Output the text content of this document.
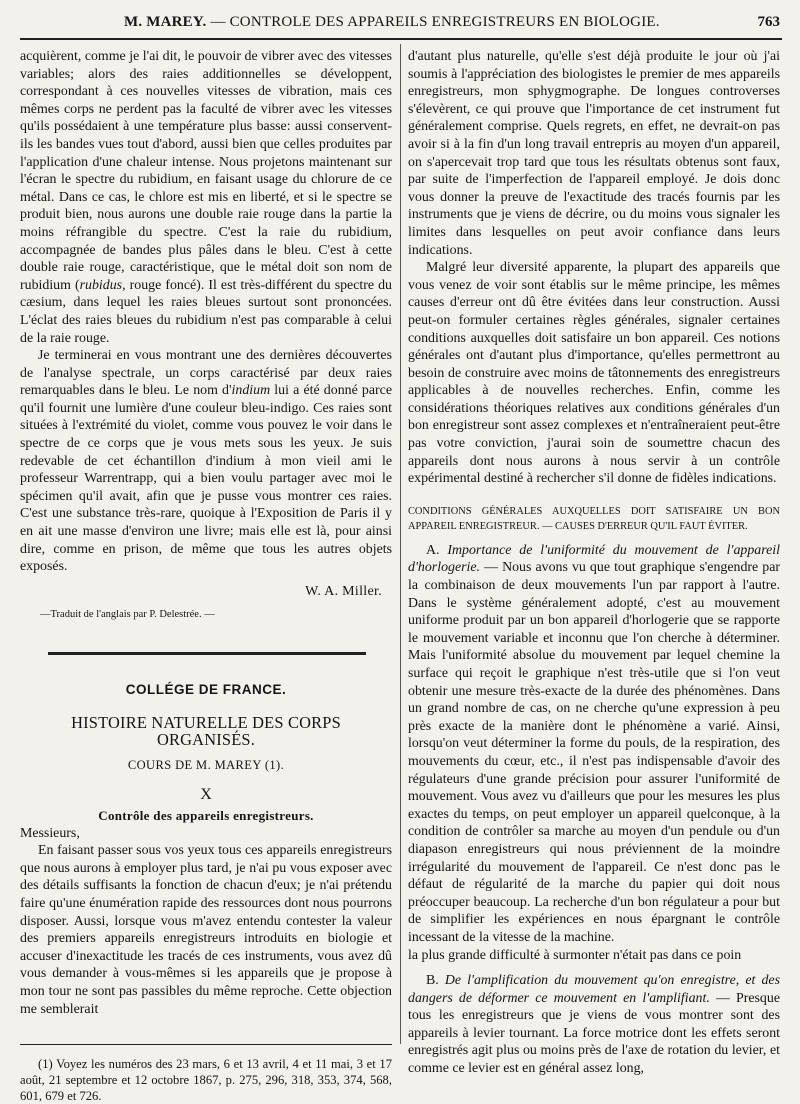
M. MAREY. — CONTROLE DES APPAREILS ENREGISTREURS EN BIOLOGIE.	763

acquièrent, comme je l'ai dit, le pouvoir de vibrer avec des vitesses variables; alors des raies additionnelles se développent, correspondant à ces nouvelles vitesses de vibration, mais ces mêmes corps ne perdent pas la faculté de vibrer avec les vitesses qu'ils possédaient à une température plus basse: aussi conservent-ils les bandes vues tout d'abord, aussi bien que celles produites par l'application d'une chaleur intense. Nous projetons maintenant sur l'écran le spectre du rubidium, en faisant usage du chlorure de ce métal. Dans ce cas, le chlore est mis en liberté, et si le spectre se produit bien, nous aurons une double raie rouge dans la partie la moins réfrangible du spectre. C'est la raie du rubidium, accompagnée de bandes plus pâles dans le bleu. C'est à cette double raie rouge, caractéristique, que le métal doit son nom de rubidium (rubidus, rouge foncé). Il est très-différent du spectre du cæsium, dans lequel les raies bleues surtout sont prononcées. L'éclat des raies bleues du rubidium n'est pas comparable à celui de la raie rouge.

Je terminerai en vous montrant une des dernières découvertes de l'analyse spectrale, un corps caractérisé par deux raies remarquables dans le bleu. Le nom d'indium lui a été donné parce qu'il fournit une lumière d'une couleur bleu-indigo. Ces raies sont situées à l'extrémité du violet, comme vous pouvez le voir dans le spectre de ce corps que je vous mets sous les yeux. Je suis redevable de cet échantillon d'indium à mon vieil ami le professeur Warrentrapp, qui a bien voulu partager avec moi le spécimen qu'il avait, afin que je pusse vous montrer ces raies. C'est une substance très-rare, quoique à l'Exposition de Paris il y en ait une masse d'environ une livre; mais elle est là, pour ainsi dire, comme en prison, de même que tous les autres objets exposés.

W. A. Miller.
—Traduit de l'anglais par P. Delestrée. —
COLLÉGE DE FRANCE.
HISTOIRE NATURELLE DES CORPS ORGANISÉS.
COURS DE M. MAREY (1).
X
Contrôle des appareils enregistreurs.

Messieurs,

En faisant passer sous vos yeux tous ces appareils enregistreurs que nous aurons à employer plus tard, je n'ai pu vous exposer avec des détails suffisants la fonction de chacun d'eux; je n'ai prétendu faire qu'une énumération rapide des ressources dont nous pourrons disposer. Aussi, lorsque vous m'avez entendu contester la valeur des premiers appareils enregistreurs introduits en biologie et accuser d'inexactitude les tracés de ces instruments, vous avez dû vous demander à vous-mêmes si les appareils que je propose à mon tour ne sont pas passibles du même reproche. Cette objection me semblerait

(1) Voyez les numéros des 23 mars, 6 et 13 avril, 4 et 11 mai, 3 et 17 août, 21 septembre et 12 octobre 1867, p. 275, 296, 318, 353, 374, 568, 601, 679 et 726.

d'autant plus naturelle, qu'elle s'est déjà produite le jour où j'ai soumis à l'appréciation des biologistes le premier de mes appareils enregistreurs, mon sphygmographe. De longues controverses s'élevèrent, ce qui prouve que l'importance de cet instrument fut généralement comprise. Quels regrets, en effet, ne devrait-on pas avoir si à la fin d'un long travail entrepris au moyen d'un appareil, on s'apercevait trop tard que tous les résultats obtenus sont faux, par suite de l'imperfection de l'appareil employé. Je dois donc vous donner la preuve de l'exactitude des tracés fournis par les instruments que je viens de décrire, ou du moins vous signaler les limites dans lesquelles on peut avoir confiance dans leurs indications.

Malgré leur diversité apparente, la plupart des appareils que vous venez de voir sont établis sur le même principe, les mêmes causes d'erreur ont dû être évitées dans leur construction. Aussi peut-on formuler certaines règles générales, signaler certaines conditions auxquelles doit satisfaire un bon appareil. Ces notions générales ont d'autant plus d'importance, qu'elles permettront au besoin de construire avec moins de tâtonnements des enregistreurs applicables à de nouvelles recherches. Enfin, comme les considérations théoriques relatives aux conditions générales d'un bon enregistreur sont assez complexes et n'entraîneraient peut-être pas votre conviction, j'aurai soin de soumettre chacun des appareils dont nous aurons à nous servir à un contrôle expérimental destiné à rechercher s'il donne de fidèles indications.

CONDITIONS GÉNÉRALES AUXQUELLES DOIT SATISFAIRE UN BON APPAREIL ENREGISTREUR. — CAUSES D'ERREUR QU'IL FAUT ÉVITER.

A. Importance de l'uniformité du mouvement de l'appareil d'horlogerie. — Nous avons vu que tout graphique s'engendre par la combinaison de deux mouvements l'un par rapport à l'autre. Dans le système généralement adopté, c'est au mouvement uniforme produit par un bon appareil d'horlogerie que se rapporte le mouvement variable et inconnu que l'on cherche à déterminer. Mais l'uniformité absolue du mouvement par lequel chemine la surface qui reçoit le graphique n'est très-utile que si l'on veut obtenir une mesure très-exacte de la durée des phénomènes. Dans un grand nombre de cas, on ne cherche qu'une expression à peu près exacte de la manière dont le phénomène a varié. Ainsi, lorsqu'on veut déterminer la forme du pouls, de la respiration, des mouvements du cœur, etc., il n'est pas indispensable d'avoir des régulateurs d'une grande précision pour assurer l'uniformité de mouvement. Vous avez vu d'ailleurs que pour les mesures les plus exactes du temps, on peut employer un appareil quelconque, à la condition de contrôler sa marche au moyen d'un pendule ou d'un diapason enregistreurs qui nous préviennent de la moindre irrégularité du mouvement de l'appareil. Ce n'est donc pas le défaut de régularité de la marche du papier qui doit nous préoccuper beaucoup. La recherche d'un bon régulateur a pour but de simplifier les expériences en nous épargnant le contrôle incessant de la vitesse de la machine.

la plus grande difficulté à surmonter n'était pas dans ce poin

B. De l'amplification du mouvement qu'on enregistre, et des dangers de déformer ce mouvement en l'amplifiant. — Presque tous les enregistreurs que je viens de vous montrer sont des appareils à levier tournant. La force motrice dont les effets seront enregistrés agit plus ou moins près de l'axe de rotation du levier, et comme ce levier est en général assez long,
